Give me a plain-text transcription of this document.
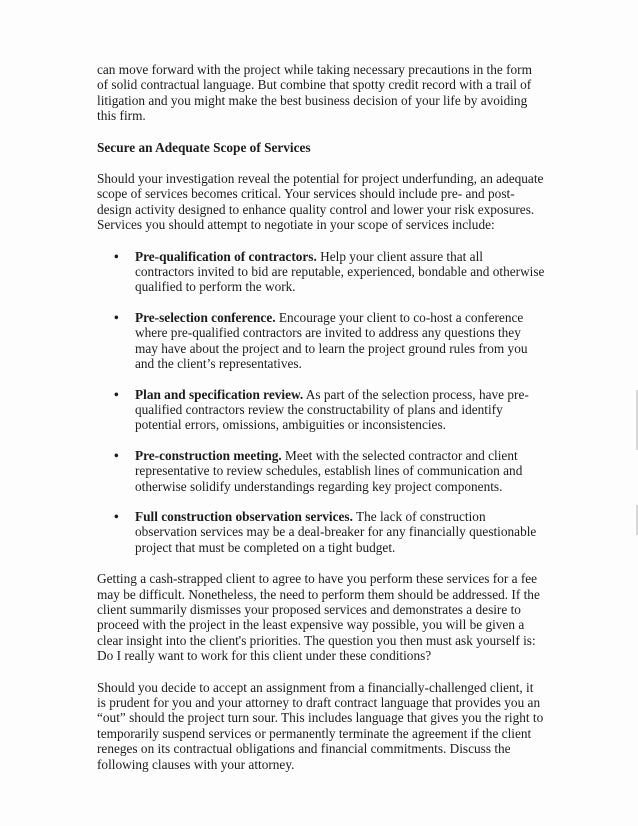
can move forward with the project while taking necessary precautions in the form of solid contractual language. But combine that spotty credit record with a trail of litigation and you might make the best business decision of your life by avoiding this firm.

Secure an Adequate Scope of Services

Should your investigation reveal the potential for project underfunding, an adequate scope of services becomes critical. Your services should include pre- and post-design activity designed to enhance quality control and lower your risk exposures. Services you should attempt to negotiate in your scope of services include:

• Pre-qualification of contractors. Help your client assure that all contractors invited to bid are reputable, experienced, bondable and otherwise qualified to perform the work.
• Pre-selection conference. Encourage your client to co-host a conference where pre-qualified contractors are invited to address any questions they may have about the project and to learn the project ground rules from you and the client’s representatives.
• Plan and specification review. As part of the selection process, have pre-qualified contractors review the constructability of plans and identify potential errors, omissions, ambiguities or inconsistencies.
• Pre-construction meeting. Meet with the selected contractor and client representative to review schedules, establish lines of communication and otherwise solidify understandings regarding key project components.
• Full construction observation services. The lack of construction observation services may be a deal-breaker for any financially questionable project that must be completed on a tight budget.

Getting a cash-strapped client to agree to have you perform these services for a fee may be difficult. Nonetheless, the need to perform them should be addressed. If the client summarily dismisses your proposed services and demonstrates a desire to proceed with the project in the least expensive way possible, you will be given a clear insight into the client's priorities. The question you then must ask yourself is: Do I really want to work for this client under these conditions?

Should you decide to accept an assignment from a financially-challenged client, it is prudent for you and your attorney to draft contract language that provides you an “out” should the project turn sour. This includes language that gives you the right to temporarily suspend services or permanently terminate the agreement if the client reneges on its contractual obligations and financial commitments. Discuss the following clauses with your attorney.
